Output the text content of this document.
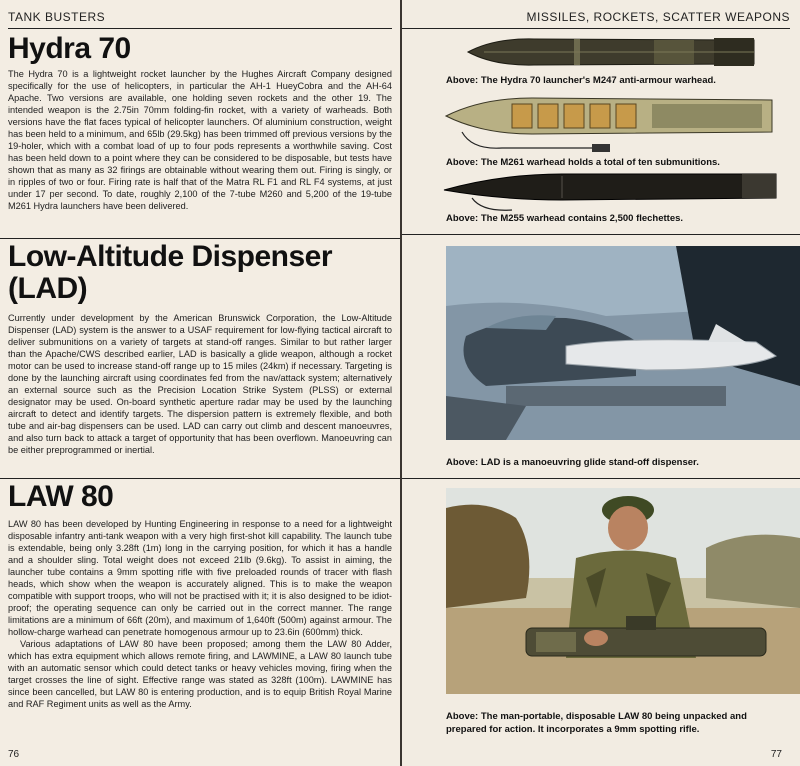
TANK BUSTERS
Hydra 70

The Hydra 70 is a lightweight rocket launcher by the Hughes Aircraft Company designed specifically for the use of helicopters, in particular the AH-1 HueyCobra and the AH-64 Apache. Two versions are available, one holding seven rockets and the other 19. The intended weapon is the 2.75in 70mm folding-fin rocket, with a variety of warheads. Both versions have the flat faces typical of helicopter launchers. Of aluminium construction, weight has been held to a minimum, and 65lb (29.5kg) has been trimmed off previous versions by the 19-holer, which with a combat load of up to four pods represents a worthwhile saving. Cost has been held down to a point where they can be considered to be disposable, but tests have shown that as many as 32 firings are obtainable without wearing them out. Firing is singly, or in ripples of two or four. Firing rate is half that of the Matra RL F1 and RL F4 systems, at just under 17 per second. To date, roughly 2,100 of the 7-tube M260 and 5,200 of the 19-tube M261 Hydra launchers have been delivered.

Low-Altitude Dispenser
(LAD)

Currently under development by the American Brunswick Corporation, the Low-Altitude Dispenser (LAD) system is the answer to a USAF requirement for low-flying tactical aircraft to deliver submunitions on a variety of targets at stand-off ranges. Similar to but rather larger than the Apache/CWS described earlier, LAD is basically a glide weapon, although a rocket motor can be used to increase stand-off range up to 15 miles (24km) if necessary. Targeting is done by the launching aircraft using coordinates fed from the nav/attack system; alternatively an external source such as the Precision Location Strike System (PLSS) or external designator may be used. On-board synthetic aperture radar may be used by the launching aircraft to detect and identify targets. The dispersion pattern is extremely flexible, and both tube and air-bag dispensers can be used. LAD can carry out climb and descent manoeuvres, and also turn back to attack a target of opportunity that has been overflown. Manoeuvring can be either preprogrammed or inertial.

LAW 80

LAW 80 has been developed by Hunting Engineering in response to a need for a lightweight disposable infantry anti-tank weapon with a very high first-shot kill capability. The launch tube is extendable, being only 3.28ft (1m) long in the carrying position, for which it has a handle and a shoulder sling. Total weight does not exceed 21lb (9.6kg). To assist in aiming, the launcher tube contains a 9mm spotting rifle with five preloaded rounds of tracer with flash heads, which show when the weapon is accurately aligned. This is to make the weapon compatible with support troops, who will not be practised with it; it is also designed to be idiot-proof; the operating sequence can only be carried out in the correct manner. The range limitations are a minimum of 66ft (20m), and maximum of 1,640ft (500m) against armour. The hollow-charge warhead can penetrate homogenous armour up to 23.6in (600mm) thick.

Various adaptations of LAW 80 have been proposed; among them the LAW 80 Adder, which has extra equipment which allows remote firing, and LAWMINE, a LAW 80 launch tube with an automatic sensor which could detect tanks or heavy vehicles moving, firing when the target crosses the line of sight. Effective range was stated as 328ft (100m). LAWMINE has since been cancelled, but LAW 80 is entering production, and is to equip British Royal Marine and RAF Regiment units as well as the Army.

76
MISSILES, ROCKETS, SCATTER WEAPONS
Above: The Hydra 70 launcher's M247 anti-armour warhead.
Above: The M261 warhead holds a total of ten submunitions.
Above: The M255 warhead contains 2,500 flechettes.
Above: LAD is a manoeuvring glide stand-off dispenser.
Above: The man-portable, disposable LAW 80 being unpacked and
prepared for action. It incorporates a 9mm spotting rifle.
77
